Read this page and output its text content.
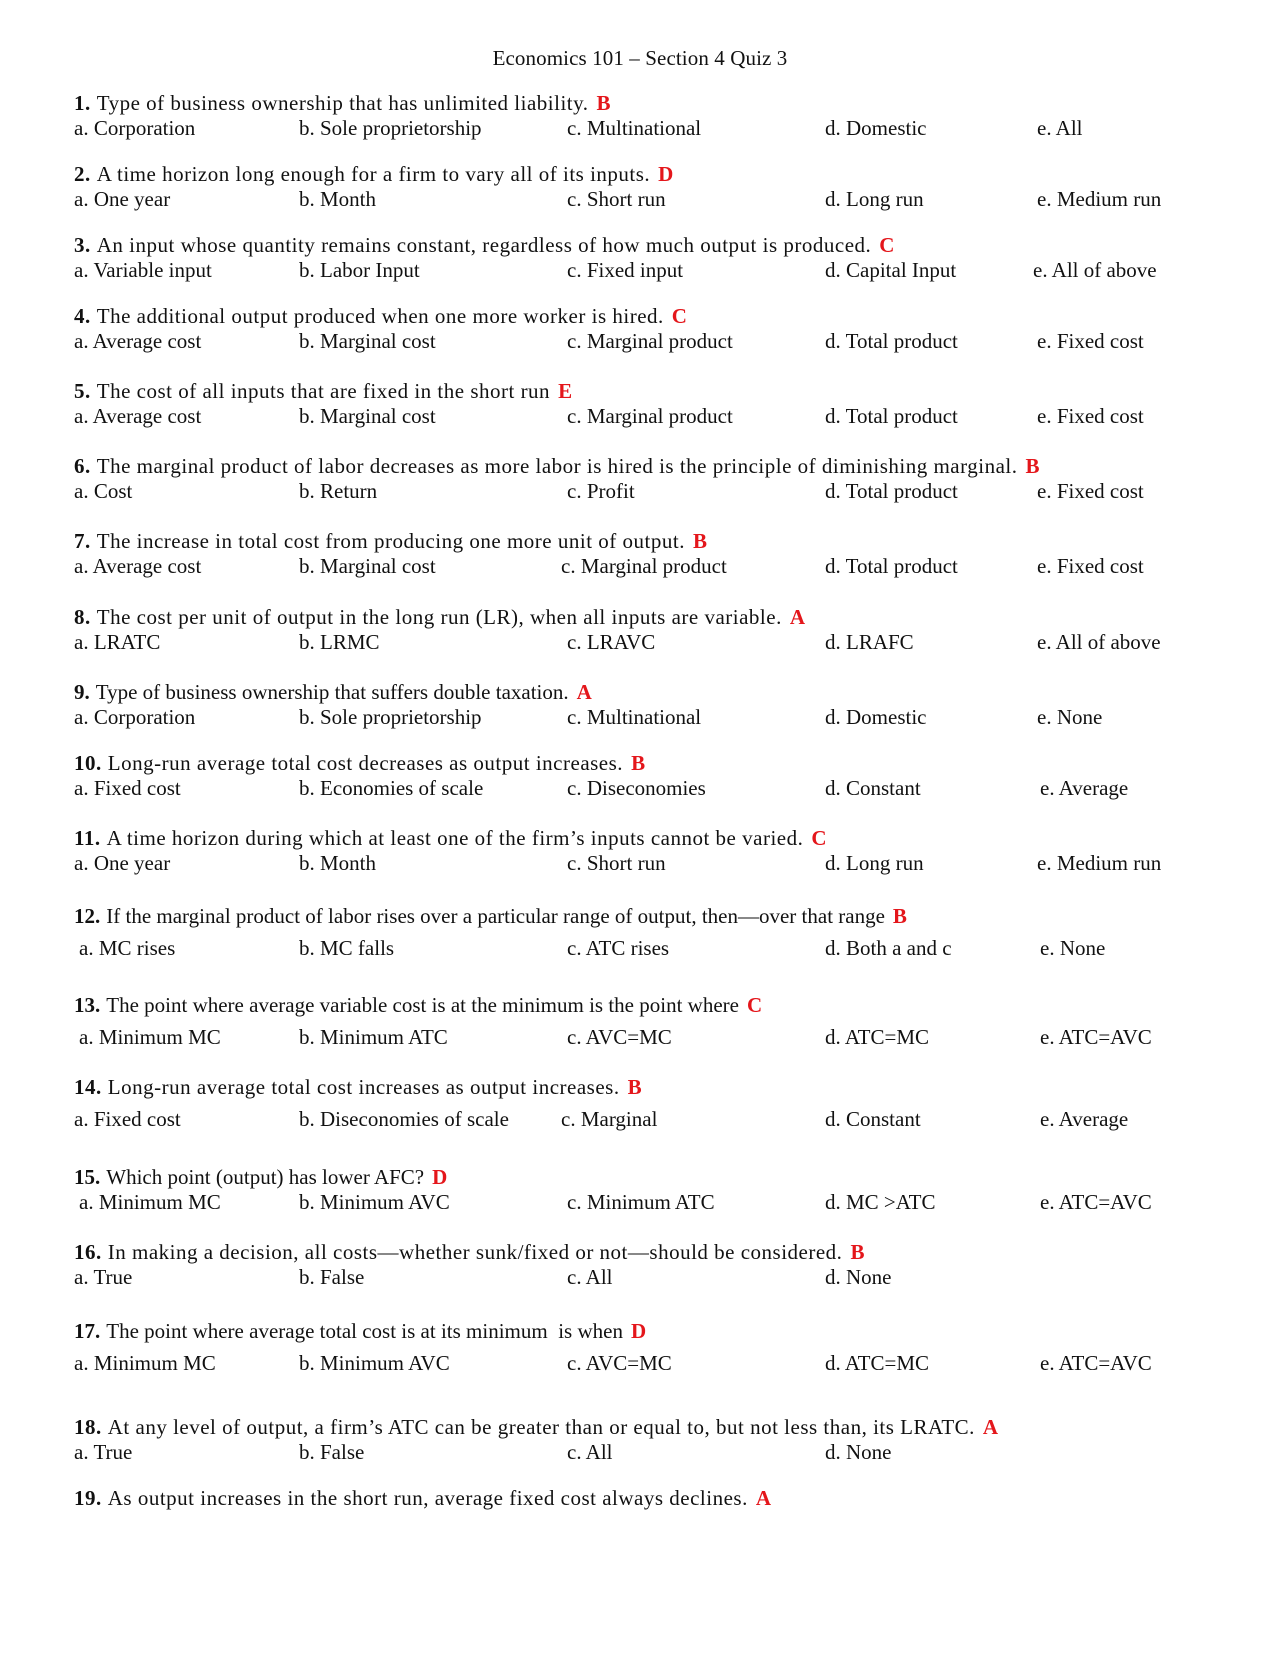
Economics 101 – Section 4 Quiz 3
1. Type of business ownership that has unlimited liability. B
a. Corporation	b. Sole proprietorship	c. Multinational	d. Domestic	e. All
2. A time horizon long enough for a firm to vary all of its inputs. D
a. One year	b. Month	c. Short run	d. Long run	e. Medium run
3. An input whose quantity remains constant, regardless of how much output is produced. C
a. Variable input	b. Labor Input	c. Fixed input	d. Capital Input	e. All of above
4. The additional output produced when one more worker is hired. C
a. Average cost	b. Marginal cost	c. Marginal product	d. Total product	e. Fixed cost
5. The cost of all inputs that are fixed in the short run E
a. Average cost	b. Marginal cost	c. Marginal product	d. Total product	e. Fixed cost
6. The marginal product of labor decreases as more labor is hired is the principle of diminishing marginal. B
a. Cost	b. Return	c. Profit	d. Total product	e. Fixed cost
7. The increase in total cost from producing one more unit of output. B
a. Average cost	b. Marginal cost	c. Marginal product	d. Total product	e. Fixed cost
8. The cost per unit of output in the long run (LR), when all inputs are variable. A
a. LRATC	b. LRMC	c. LRAVC	d. LRAFC	e. All of above
9. Type of business ownership that suffers double taxation. A
a. Corporation	b. Sole proprietorship	c. Multinational	d. Domestic	e. None
10. Long-run average total cost decreases as output increases. B
a. Fixed cost	b. Economies of scale	c. Diseconomies	d. Constant	e. Average
11. A time horizon during which at least one of the firm’s inputs cannot be varied. C
a. One year	b. Month	c. Short run	d. Long run	e. Medium run
12. If the marginal product of labor rises over a particular range of output, then—over that range B
a. MC rises	b. MC falls	c. ATC rises	d. Both a and c	e. None
13. The point where average variable cost is at the minimum is the point where C
a. Minimum MC	b. Minimum ATC	c. AVC=MC	d. ATC=MC	e. ATC=AVC
14. Long-run average total cost increases as output increases. B
a. Fixed cost	b. Diseconomies of scale c. Marginal	d. Constant	e. Average
15. Which point (output) has lower AFC? D
a. Minimum MC	b. Minimum AVC	c. Minimum ATC	d. MC >ATC	e. ATC=AVC
16. In making a decision, all costs—whether sunk/fixed or not—should be considered. B
a. True	b. False	c. All	d. None
17. The point where average total cost is at its minimum  is when D
a. Minimum MC	b. Minimum AVC	c. AVC=MC	d. ATC=MC	e. ATC=AVC
18. At any level of output, a firm’s ATC can be greater than or equal to, but not less than, its LRATC. A
a. True	b. False	c. All	d. None
19. As output increases in the short run, average fixed cost always declines. A
